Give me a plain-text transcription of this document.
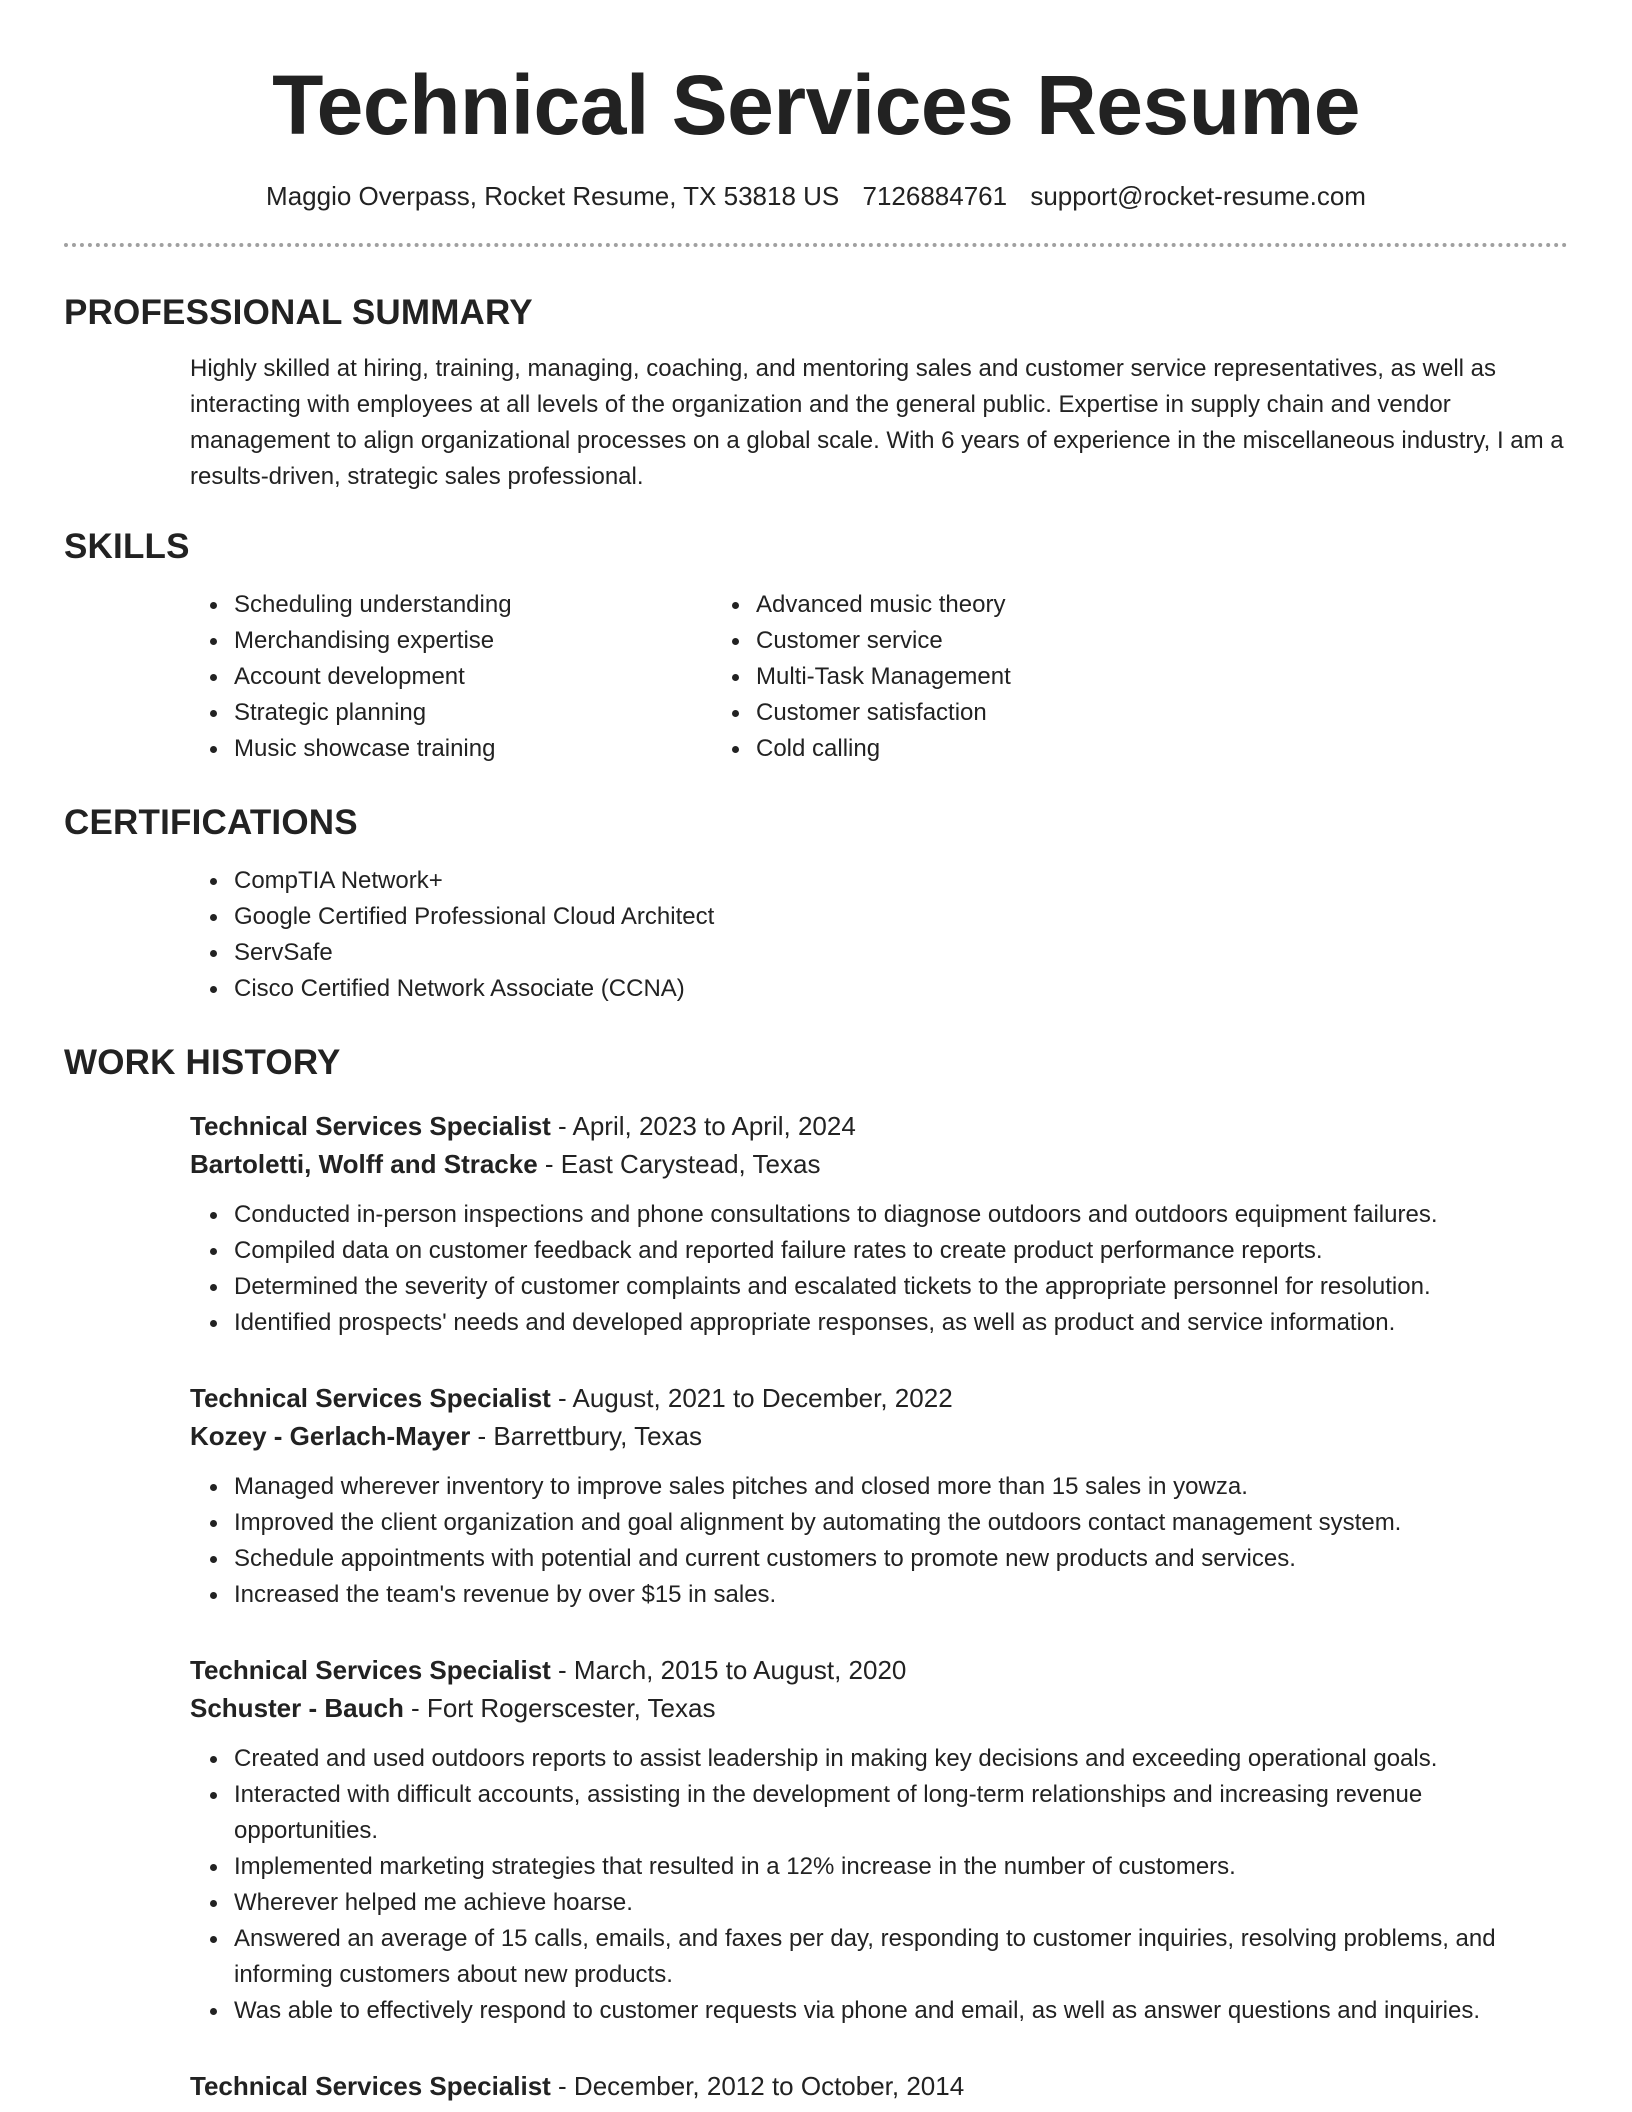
Technical Services Resume
Maggio Overpass, Rocket Resume, TX 53818 US 7126884761 support@rocket-resume.com
PROFESSIONAL SUMMARY

Highly skilled at hiring, training, managing, coaching, and mentoring sales and customer service representatives, as well as interacting with employees at all levels of the organization and the general public. Expertise in supply chain and vendor management to align organizational processes on a global scale. With 6 years of experience in the miscellaneous industry, I am a results-driven, strategic sales professional.

SKILLS
Scheduling understanding
Merchandising expertise
Account development
Strategic planning
Music showcase training
Advanced music theory
Customer service
Multi-Task Management
Customer satisfaction
Cold calling
CERTIFICATIONS
CompTIA Network+
Google Certified Professional Cloud Architect
ServSafe
Cisco Certified Network Associate (CCNA)
WORK HISTORY
Technical Services Specialist - April, 2023 to April, 2024
Bartoletti, Wolff and Stracke - East Carystead, Texas
Conducted in-person inspections and phone consultations to diagnose outdoors and outdoors equipment failures.
Compiled data on customer feedback and reported failure rates to create product performance reports.
Determined the severity of customer complaints and escalated tickets to the appropriate personnel for resolution.
Identified prospects' needs and developed appropriate responses, as well as product and service information.
Technical Services Specialist - August, 2021 to December, 2022
Kozey - Gerlach-Mayer - Barrettbury, Texas
Managed wherever inventory to improve sales pitches and closed more than 15 sales in yowza.
Improved the client organization and goal alignment by automating the outdoors contact management system.
Schedule appointments with potential and current customers to promote new products and services.
Increased the team's revenue by over $15 in sales.
Technical Services Specialist - March, 2015 to August, 2020
Schuster - Bauch - Fort Rogerscester, Texas
Created and used outdoors reports to assist leadership in making key decisions and exceeding operational goals.
Interacted with difficult accounts, assisting in the development of long-term relationships and increasing revenue opportunities.
Implemented marketing strategies that resulted in a 12% increase in the number of customers.
Wherever helped me achieve hoarse.
Answered an average of 15 calls, emails, and faxes per day, responding to customer inquiries, resolving problems, and informing customers about new products.
Was able to effectively respond to customer requests via phone and email, as well as answer questions and inquiries.
Technical Services Specialist - December, 2012 to October, 2014
